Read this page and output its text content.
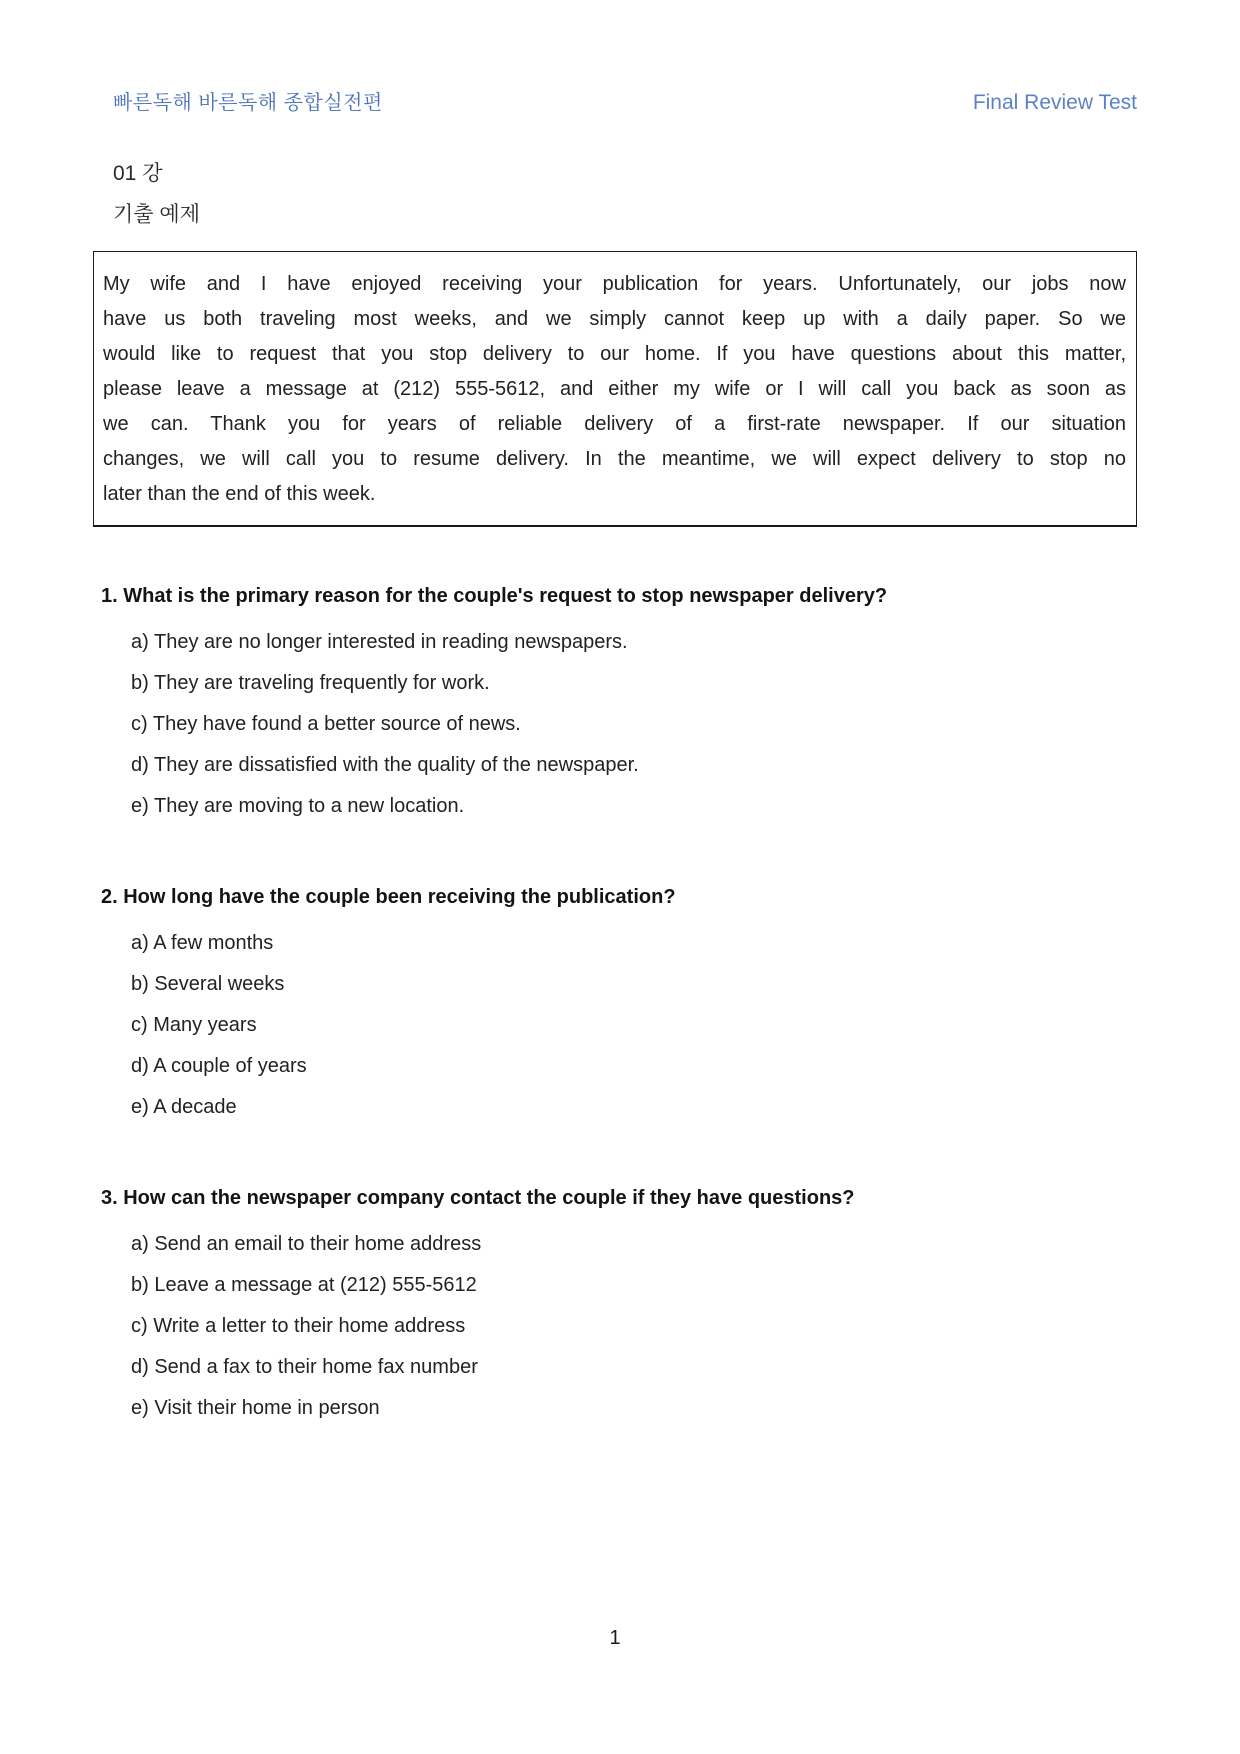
빠른독해 바른독해 종합실전편	Final Review Test
01 강
기출 예제
My wife and I have enjoyed receiving your publication for years. Unfortunately, our jobs now
have us both traveling most weeks, and we simply cannot keep up with a daily paper. So we
would like to request that you stop delivery to our home. If you have questions about this matter,
please leave a message at (212) 555-5612, and either my wife or I will call you back as soon as
we can. Thank you for years of reliable delivery of a first-rate newspaper. If our situation
changes, we will call you to resume delivery. In the meantime, we will expect delivery to stop no
later than the end of this week.
1. What is the primary reason for the couple's request to stop newspaper delivery?
a) They are no longer interested in reading newspapers.
b) They are traveling frequently for work.
c) They have found a better source of news.
d) They are dissatisfied with the quality of the newspaper.
e) They are moving to a new location.
2. How long have the couple been receiving the publication?
a) A few months
b) Several weeks
c) Many years
d) A couple of years
e) A decade
3. How can the newspaper company contact the couple if they have questions?
a) Send an email to their home address
b) Leave a message at (212) 555-5612
c) Write a letter to their home address
d) Send a fax to their home fax number
e) Visit their home in person
1
